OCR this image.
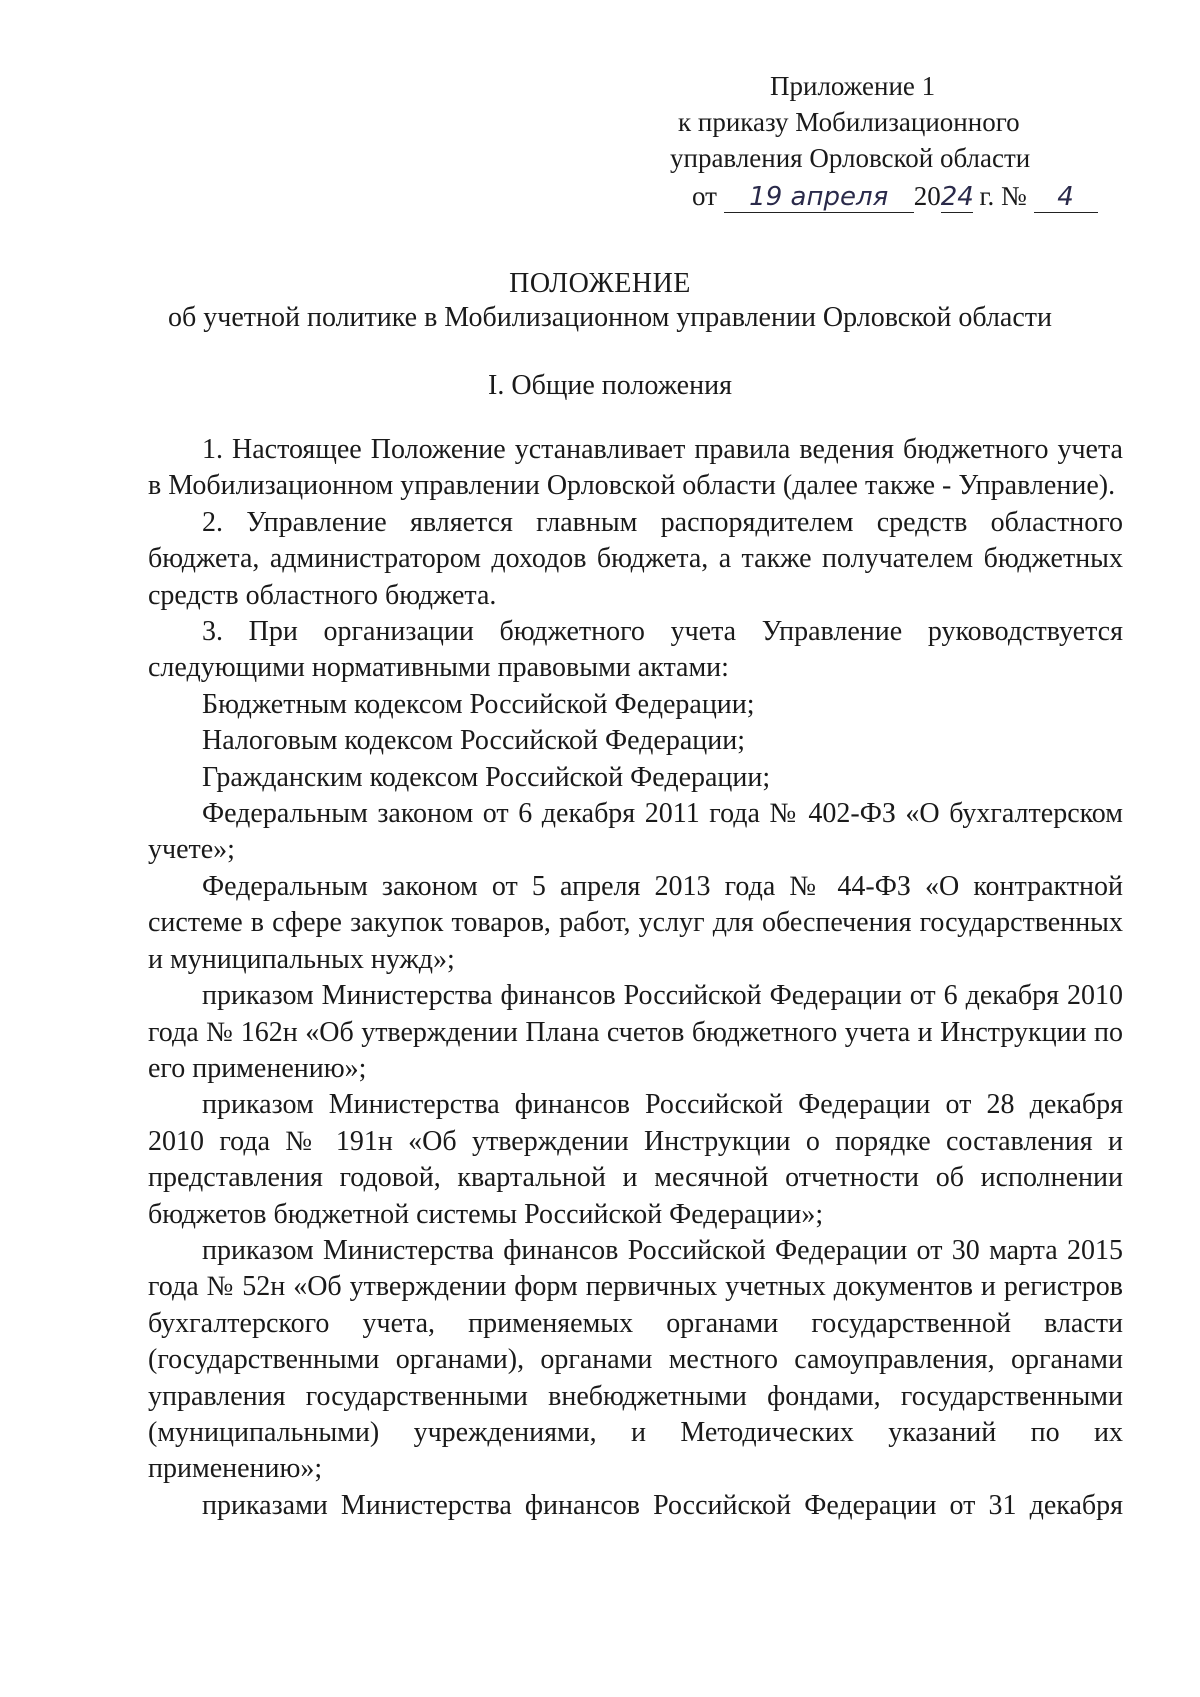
Приложение 1
к приказу Мобилизационного
управления Орловской области
от 19 апреля 2024 г. № 4
ПОЛОЖЕНИЕ
об учетной политике в Мобилизационном управлении Орловской области
I. Общие положения

1. Настоящее Положение устанавливает правила ведения бюджетного учета в Мобилизационном управлении Орловской области (далее также - Управление).

2. Управление является главным распорядителем средств областного бюджета, администратором доходов бюджета, а также получателем бюджетных средств областного бюджета.

3. При организации бюджетного учета Управление руководствуется следующими нормативными правовыми актами:

Бюджетным кодексом Российской Федерации;

Налоговым кодексом Российской Федерации;

Гражданским кодексом Российской Федерации;

Федеральным законом от 6 декабря 2011 года № 402-ФЗ «О бухгалтерском учете»;

Федеральным законом от 5 апреля 2013 года № 44-ФЗ «О контрактной системе в сфере закупок товаров, работ, услуг для обеспечения государственных и муниципальных нужд»;

приказом Министерства финансов Российской Федерации от 6 декабря 2010 года № 162н «Об утверждении Плана счетов бюджетного учета и Инструкции по его применению»;

приказом Министерства финансов Российской Федерации от 28 декабря 2010 года № 191н «Об утверждении Инструкции о порядке составления и представления годовой, квартальной и месячной отчетности об исполнении бюджетов бюджетной системы Российской Федерации»;

приказом Министерства финансов Российской Федерации от 30 марта 2015 года № 52н «Об утверждении форм первичных учетных документов и регистров бухгалтерского учета, применяемых органами государственной власти (государственными органами), органами местного самоуправления, органами управления государственными внебюджетными фондами, государственными (муниципальными) учреждениями, и Методических указаний по их применению»;

приказами Министерства финансов Российской Федерации от 31 декабря
